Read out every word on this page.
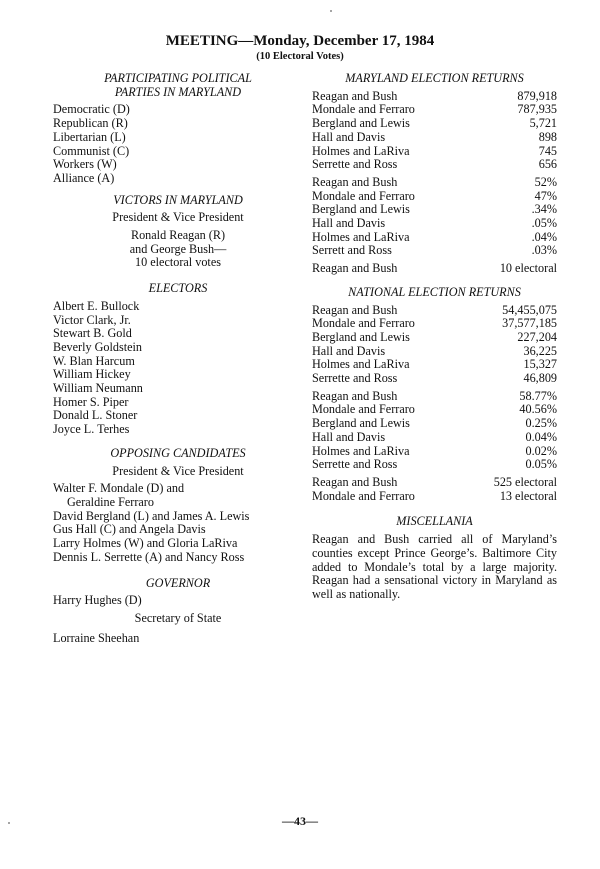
MEETING—Monday, December 17, 1984
(10 Electoral Votes)
PARTICIPATING POLITICAL
PARTIES IN MARYLAND
Democratic (D)
Republican (R)
Libertarian (L)
Communist (C)
Workers (W)
Alliance (A)
VICTORS IN MARYLAND
President & Vice President
Ronald Reagan (R)
and George Bush—
10 electoral votes
ELECTORS
Albert E. Bullock
Victor Clark, Jr.
Stewart B. Gold
Beverly Goldstein
W. Blan Harcum
William Hickey
William Neumann
Homer S. Piper
Donald L. Stoner
Joyce L. Terhes
OPPOSING CANDIDATES
President & Vice President
Walter F. Mondale (D) and
Geraldine Ferraro
David Bergland (L) and James A. Lewis
Gus Hall (C) and Angela Davis
Larry Holmes (W) and Gloria LaRiva
Dennis L. Serrette (A) and Nancy Ross
GOVERNOR
Harry Hughes (D)
Secretary of State
Lorraine Sheehan
MARYLAND ELECTION RETURNS
Reagan and Bush	879,918
Mondale and Ferraro	787,935
Bergland and Lewis	5,721
Hall and Davis	898
Holmes and LaRiva	745
Serrette and Ross	656
Reagan and Bush	52%
Mondale and Ferraro	47%
Bergland and Lewis	.34%
Hall and Davis	.05%
Holmes and LaRiva	.04%
Serrett and Ross	.03%
Reagan and Bush	10 electoral
NATIONAL ELECTION RETURNS
Reagan and Bush	54,455,075
Mondale and Ferraro	37,577,185
Bergland and Lewis	227,204
Hall and Davis	36,225
Holmes and LaRiva	15,327
Serrette and Ross	46,809
Reagan and Bush	58.77%
Mondale and Ferraro	40.56%
Bergland and Lewis	0.25%
Hall and Davis	0.04%
Holmes and LaRiva	0.02%
Serrette and Ross	0.05%
Reagan and Bush	525 electoral
Mondale and Ferraro	13 electoral
MISCELLANIA
Reagan and Bush carried all of Maryland’s counties except Prince George’s. Baltimore City added to Mondale’s total by a large majority. Reagan had a sensational victory in Maryland as well as nationally.
—43—
